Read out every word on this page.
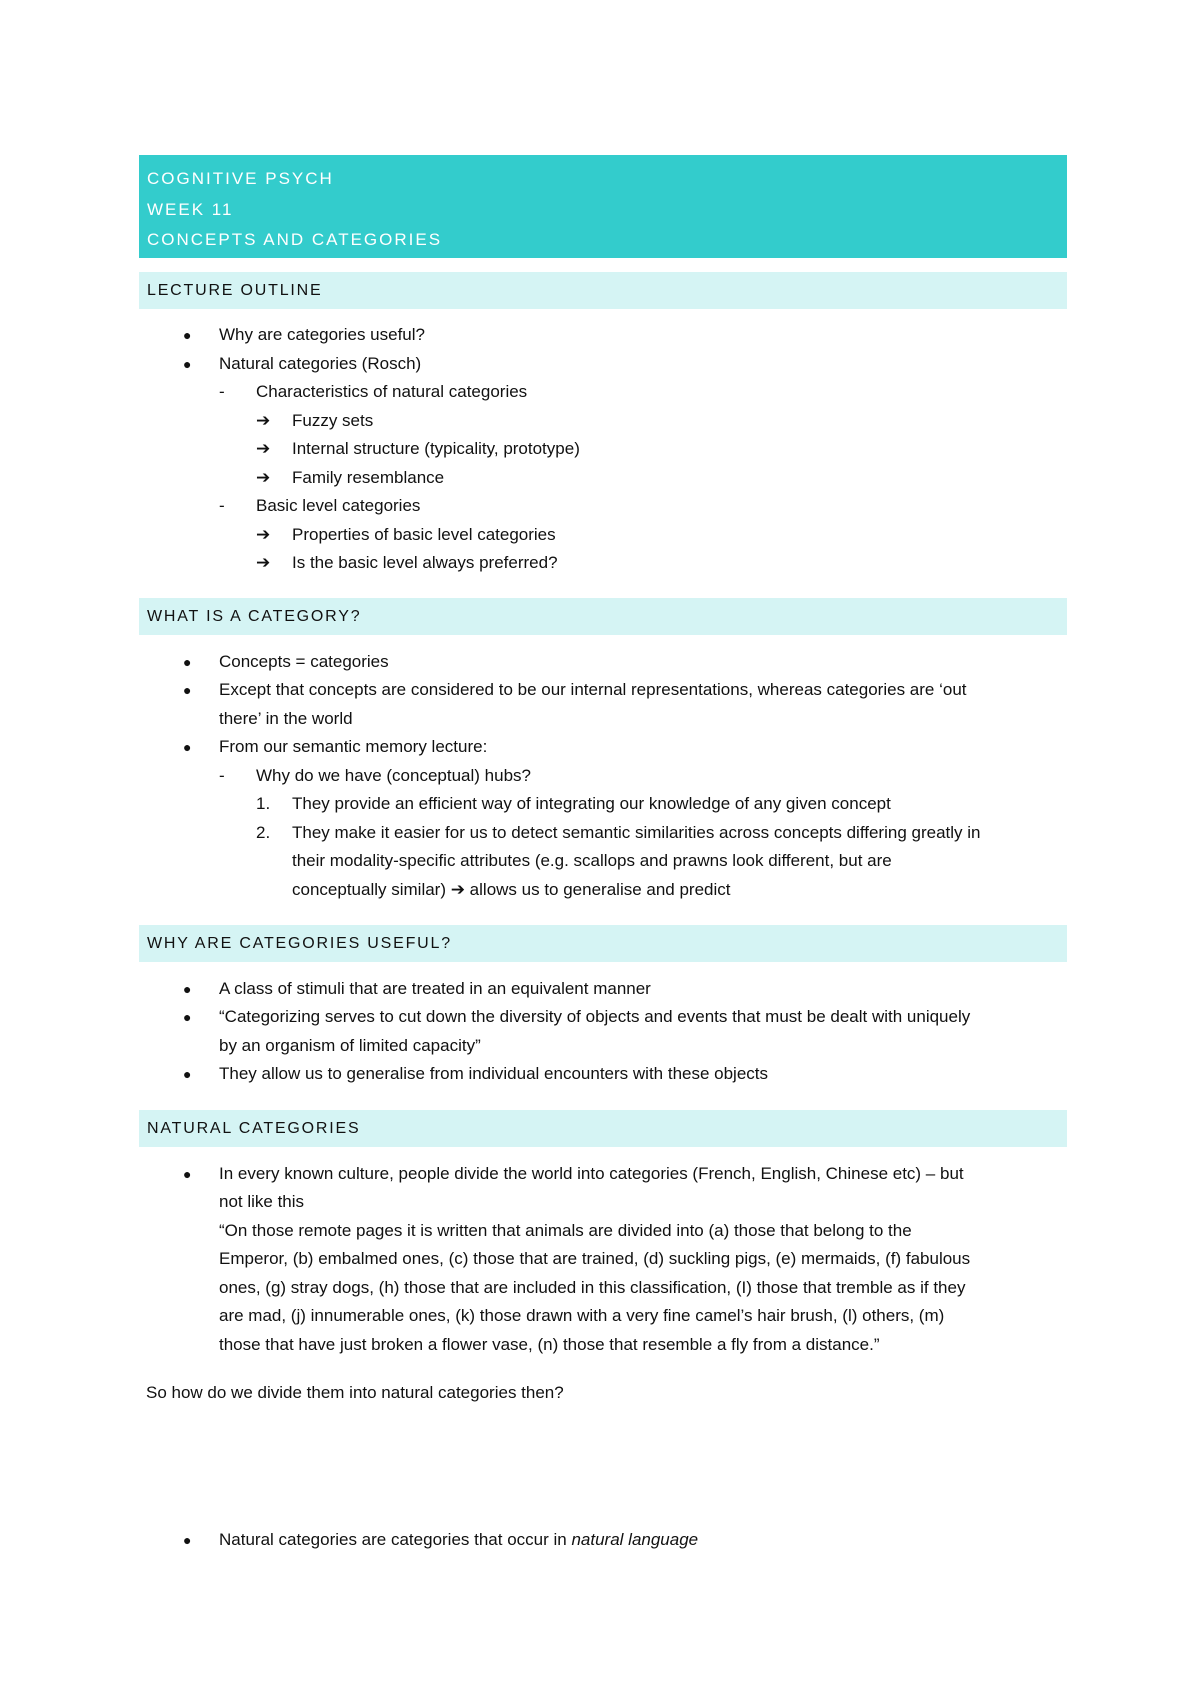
COGNITIVE PSYCH
WEEK 11
CONCEPTS AND CATEGORIES
LECTURE OUTLINE
● Why are categories useful?
● Natural categories (Rosch)
- Characteristics of natural categories
➔ Fuzzy sets
➔ Internal structure (typicality, prototype)
➔ Family resemblance
- Basic level categories
➔ Properties of basic level categories
➔ Is the basic level always preferred?
WHAT IS A CATEGORY?
● Concepts = categories
● Except that concepts are considered to be our internal representations, whereas categories are ‘out
there’ in the world
● From our semantic memory lecture:
- Why do we have (conceptual) hubs?
1. They provide an efficient way of integrating our knowledge of any given concept
2. They make it easier for us to detect semantic similarities across concepts differing greatly in
their modality-specific attributes (e.g. scallops and prawns look different, but are
conceptually similar) ➔ allows us to generalise and predict
WHY ARE CATEGORIES USEFUL?
● A class of stimuli that are treated in an equivalent manner
● “Categorizing serves to cut down the diversity of objects and events that must be dealt with uniquely
by an organism of limited capacity”
● They allow us to generalise from individual encounters with these objects
NATURAL CATEGORIES
● In every known culture, people divide the world into categories (French, English, Chinese etc) – but
not like this
“On those remote pages it is written that animals are divided into (a) those that belong to the
Emperor, (b) embalmed ones, (c) those that are trained, (d) suckling pigs, (e) mermaids, (f) fabulous
ones, (g) stray dogs, (h) those that are included in this classification, (I) those that tremble as if they
are mad, (j) innumerable ones, (k) those drawn with a very fine camel’s hair brush, (l) others, (m)
those that have just broken a flower vase, (n) those that resemble a fly from a distance.”
So how do we divide them into natural categories then?
● Natural categories are categories that occur in natural language
